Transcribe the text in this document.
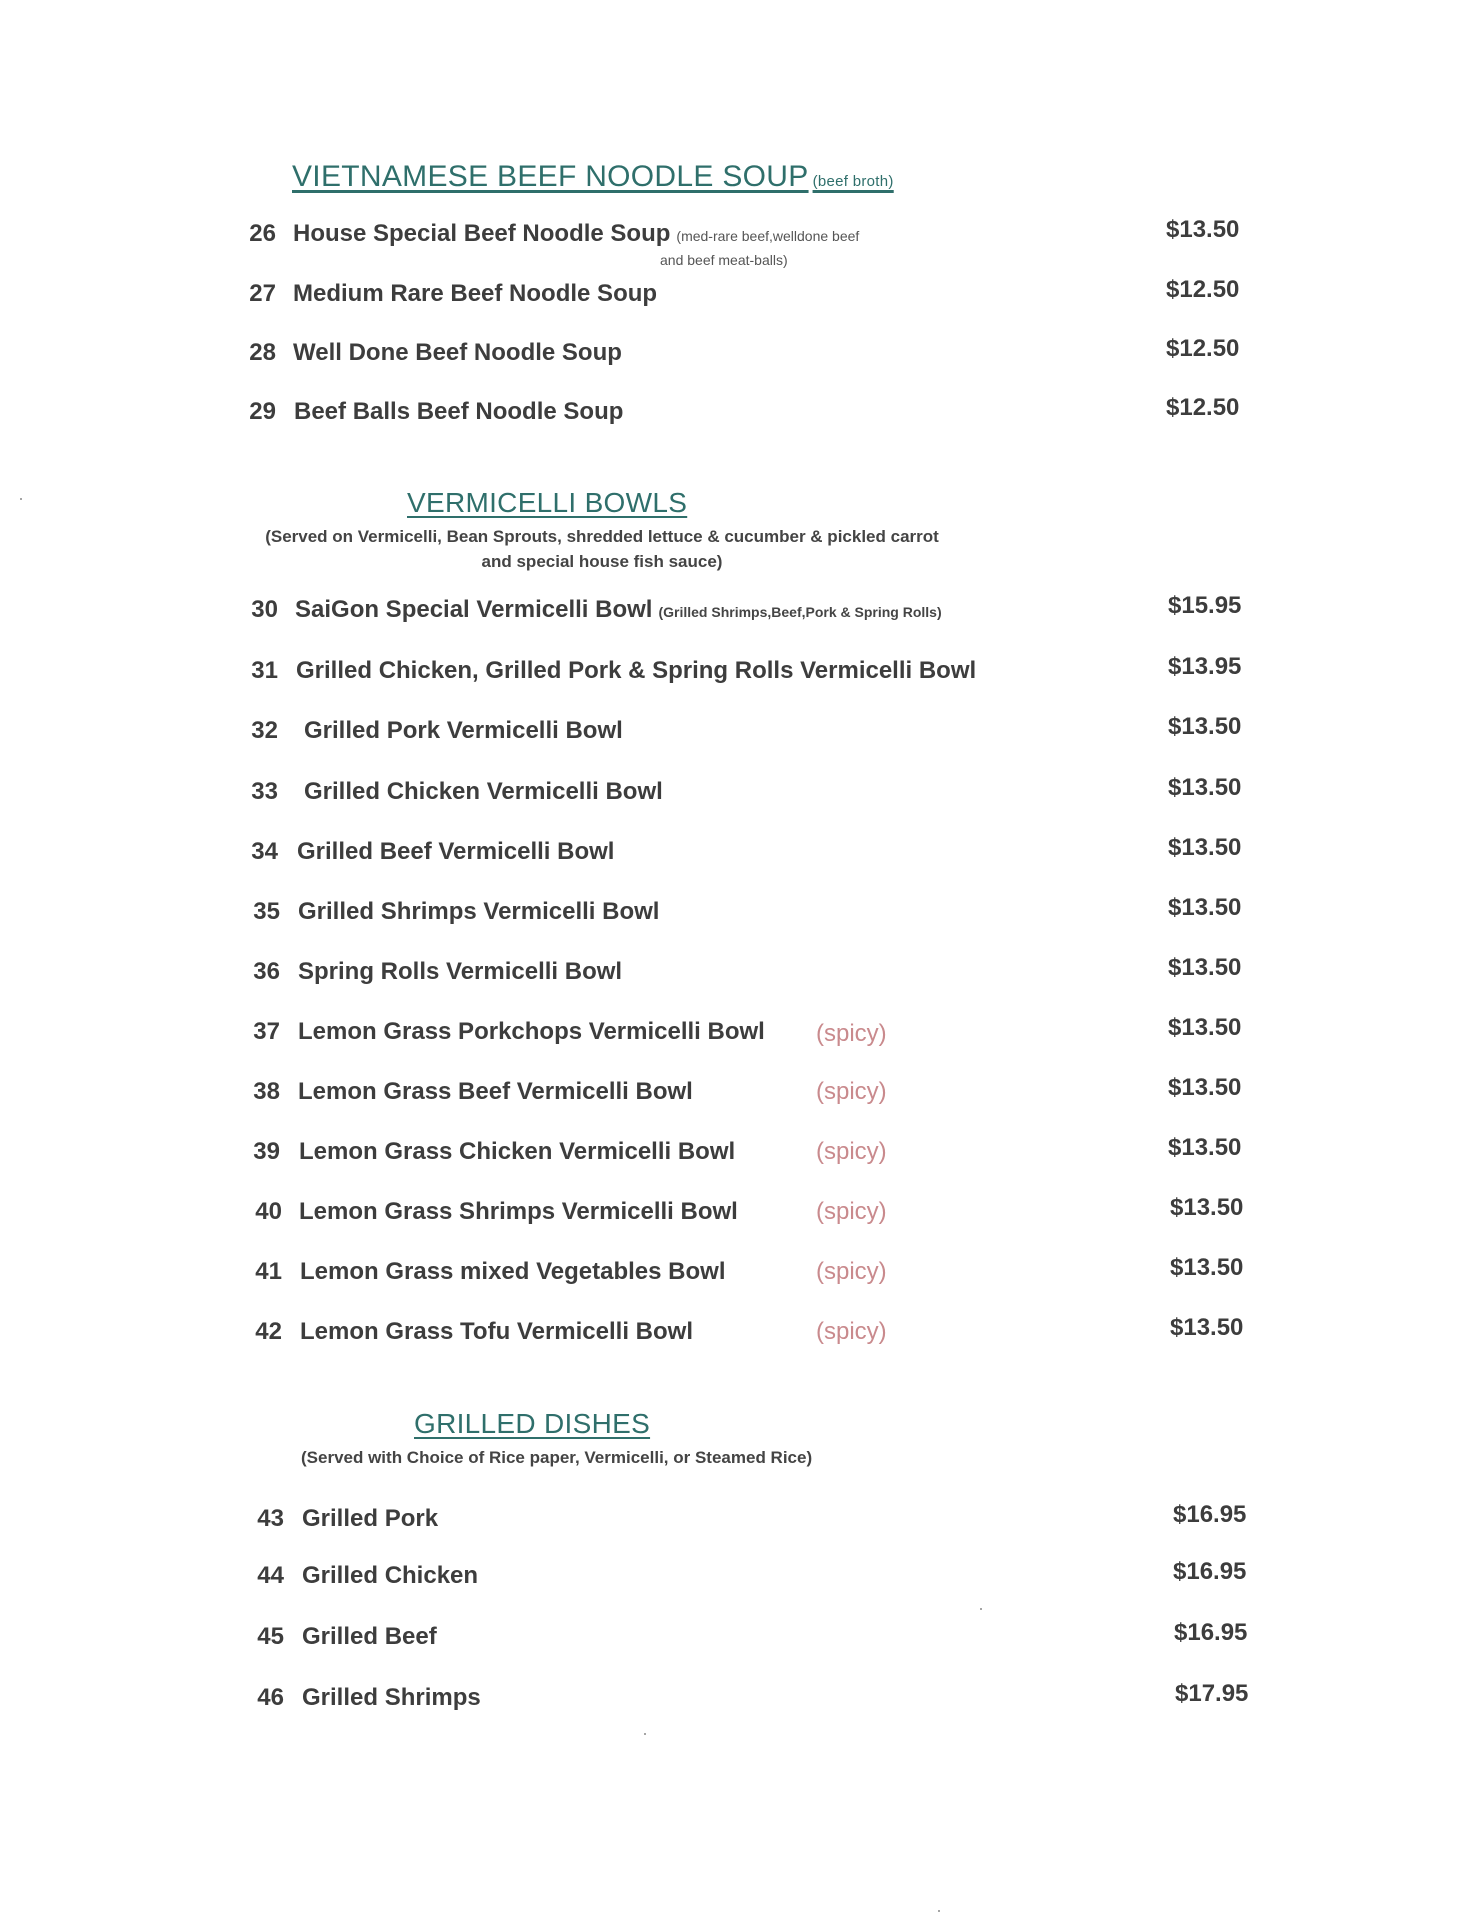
VIETNAMESE BEEF NOODLE SOUP (beef broth)
26 House Special Beef Noodle Soup (med-rare beef,welldone beef
and beef meat-balls)
$13.50
27 Medium Rare Beef Noodle Soup	$12.50
28 Well Done Beef Noodle Soup	$12.50
29 Beef Balls Beef Noodle Soup	$12.50
VERMICELLI BOWLS
(Served on Vermicelli, Bean Sprouts, shredded lettuce & cucumber & pickled carrot
and special house fish sauce)
30 SaiGon Special Vermicelli Bowl (Grilled Shrimps,Beef,Pork & Spring Rolls)	$15.95
31 Grilled Chicken, Grilled Pork & Spring Rolls Vermicelli Bowl	$13.95
32 Grilled Pork Vermicelli Bowl	$13.50
33 Grilled Chicken Vermicelli Bowl	$13.50
34 Grilled Beef Vermicelli Bowl	$13.50
35 Grilled Shrimps Vermicelli Bowl	$13.50
36 Spring Rolls Vermicelli Bowl	$13.50
37 Lemon Grass Porkchops Vermicelli Bowl (spicy)	$13.50
38 Lemon Grass Beef Vermicelli Bowl	(spicy)	$13.50
39 Lemon Grass Chicken Vermicelli Bowl	(spicy)	$13.50
40 Lemon Grass Shrimps Vermicelli Bowl	(spicy)	$13.50
41 Lemon Grass mixed Vegetables Bowl	(spicy)	$13.50
42 Lemon Grass Tofu Vermicelli Bowl	(spicy)	$13.50
GRILLED DISHES
(Served with Choice of Rice paper, Vermicelli, or Steamed Rice)
43 Grilled Pork	$16.95
44 Grilled Chicken	$16.95
45 Grilled Beef	$16.95
46 Grilled Shrimps	$17.95
